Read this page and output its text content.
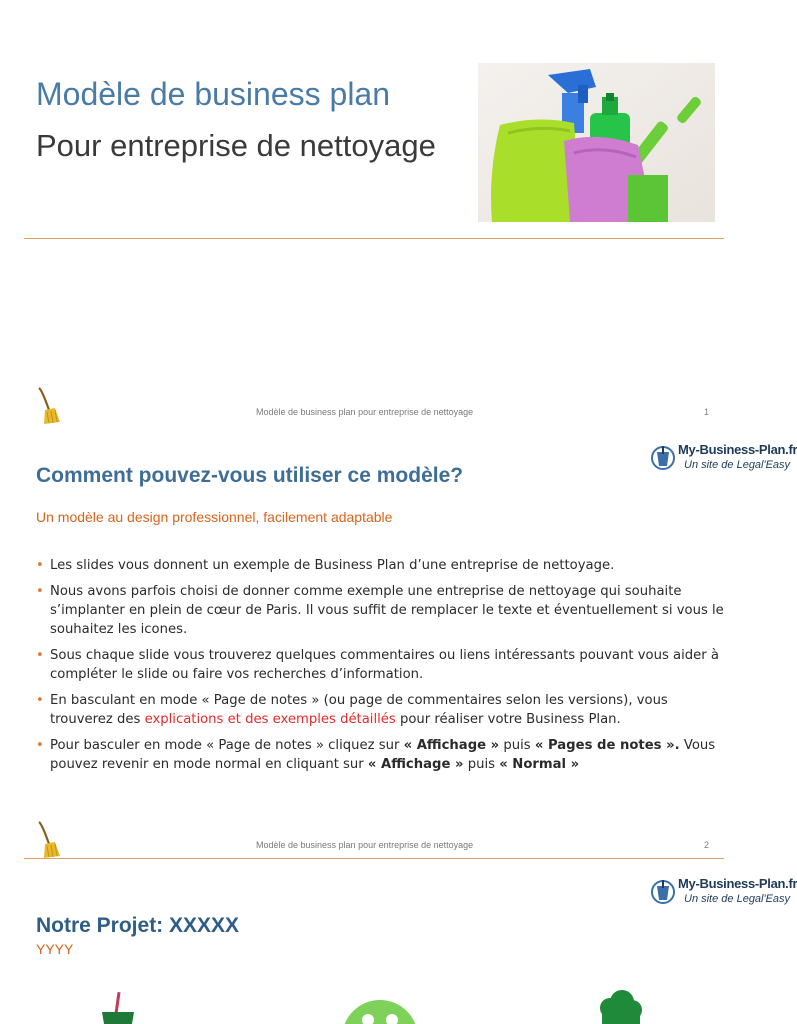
Modèle de business plan
Pour entreprise de nettoyage
Modèle de business plan pour entreprise de nettoyage	1
My-Business-Plan.fr
Un site de Legal'Easy
Comment pouvez-vous utiliser ce modèle?
Un modèle au design professionnel, facilement adaptable
• Les slides vous donnent un exemple de Business Plan d’une entreprise de nettoyage.
• Nous avons parfois choisi de donner comme exemple une entreprise de nettoyage qui souhaite s’implanter en plein de cœur de Paris. Il vous suffit de remplacer le texte et éventuellement si vous le souhaitez les icones.
• Sous chaque slide vous trouverez quelques commentaires ou liens intéressants pouvant vous aider à compléter le slide ou faire vos recherches d’information.
• En basculant en mode « Page de notes » (ou page de commentaires selon les versions), vous trouverez des explications et des exemples détaillés pour réaliser votre Business Plan.
• Pour basculer en mode « Page de notes » cliquez sur « Affichage » puis « Pages de notes ». Vous pouvez revenir en mode normal en cliquant sur « Affichage » puis « Normal »
Modèle de business plan pour entreprise de nettoyage	2
My-Business-Plan.fr
Un site de Legal'Easy
Notre Projet: XXXXX
YYYY
